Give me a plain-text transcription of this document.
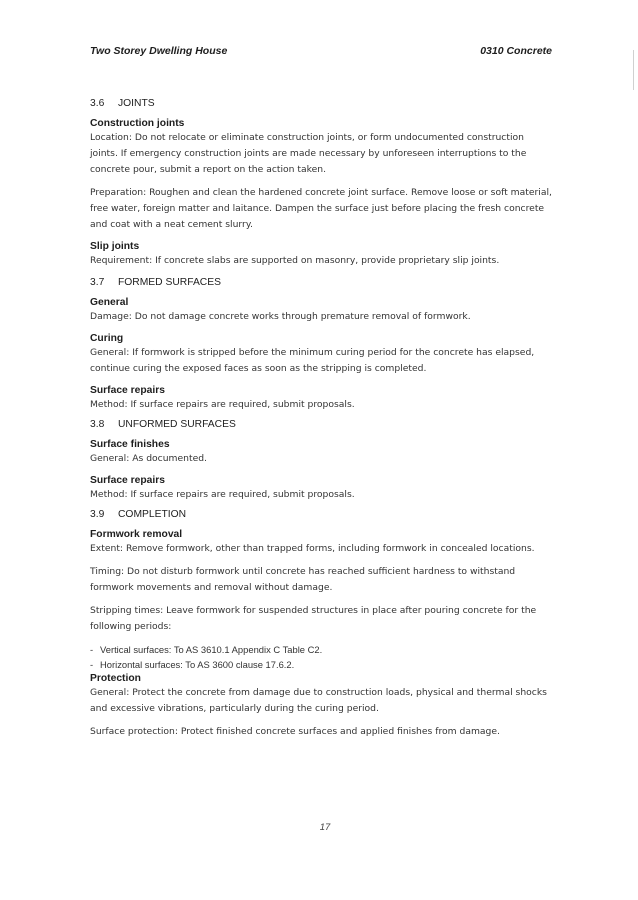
Two Storey Dwelling House	0310 Concrete
3.6 JOINTS

Construction joints

Location: Do not relocate or eliminate construction joints, or form undocumented construction joints. If emergency construction joints are made necessary by unforeseen interruptions to the concrete pour, submit a report on the action taken.

Preparation: Roughen and clean the hardened concrete joint surface. Remove loose or soft material, free water, foreign matter and laitance. Dampen the surface just before placing the fresh concrete and coat with a neat cement slurry.

Slip joints

Requirement: If concrete slabs are supported on masonry, provide proprietary slip joints.

3.7 FORMED SURFACES

General

Damage: Do not damage concrete works through premature removal of formwork.

Curing

General: If formwork is stripped before the minimum curing period for the concrete has elapsed, continue curing the exposed faces as soon as the stripping is completed.

Surface repairs

Method: If surface repairs are required, submit proposals.

3.8 UNFORMED SURFACES

Surface finishes

General: As documented.

Surface repairs

Method: If surface repairs are required, submit proposals.

3.9 COMPLETION

Formwork removal

Extent: Remove formwork, other than trapped forms, including formwork in concealed locations.

Timing: Do not disturb formwork until concrete has reached sufficient hardness to withstand formwork movements and removal without damage.

Stripping times: Leave formwork for suspended structures in place after pouring concrete for the following periods:

- Vertical surfaces: To AS 3610.1 Appendix C Table C2.

- Horizontal surfaces: To AS 3600 clause 17.6.2.

Protection

General: Protect the concrete from damage due to construction loads, physical and thermal shocks and excessive vibrations, particularly during the curing period.

Surface protection: Protect finished concrete surfaces and applied finishes from damage.

17
